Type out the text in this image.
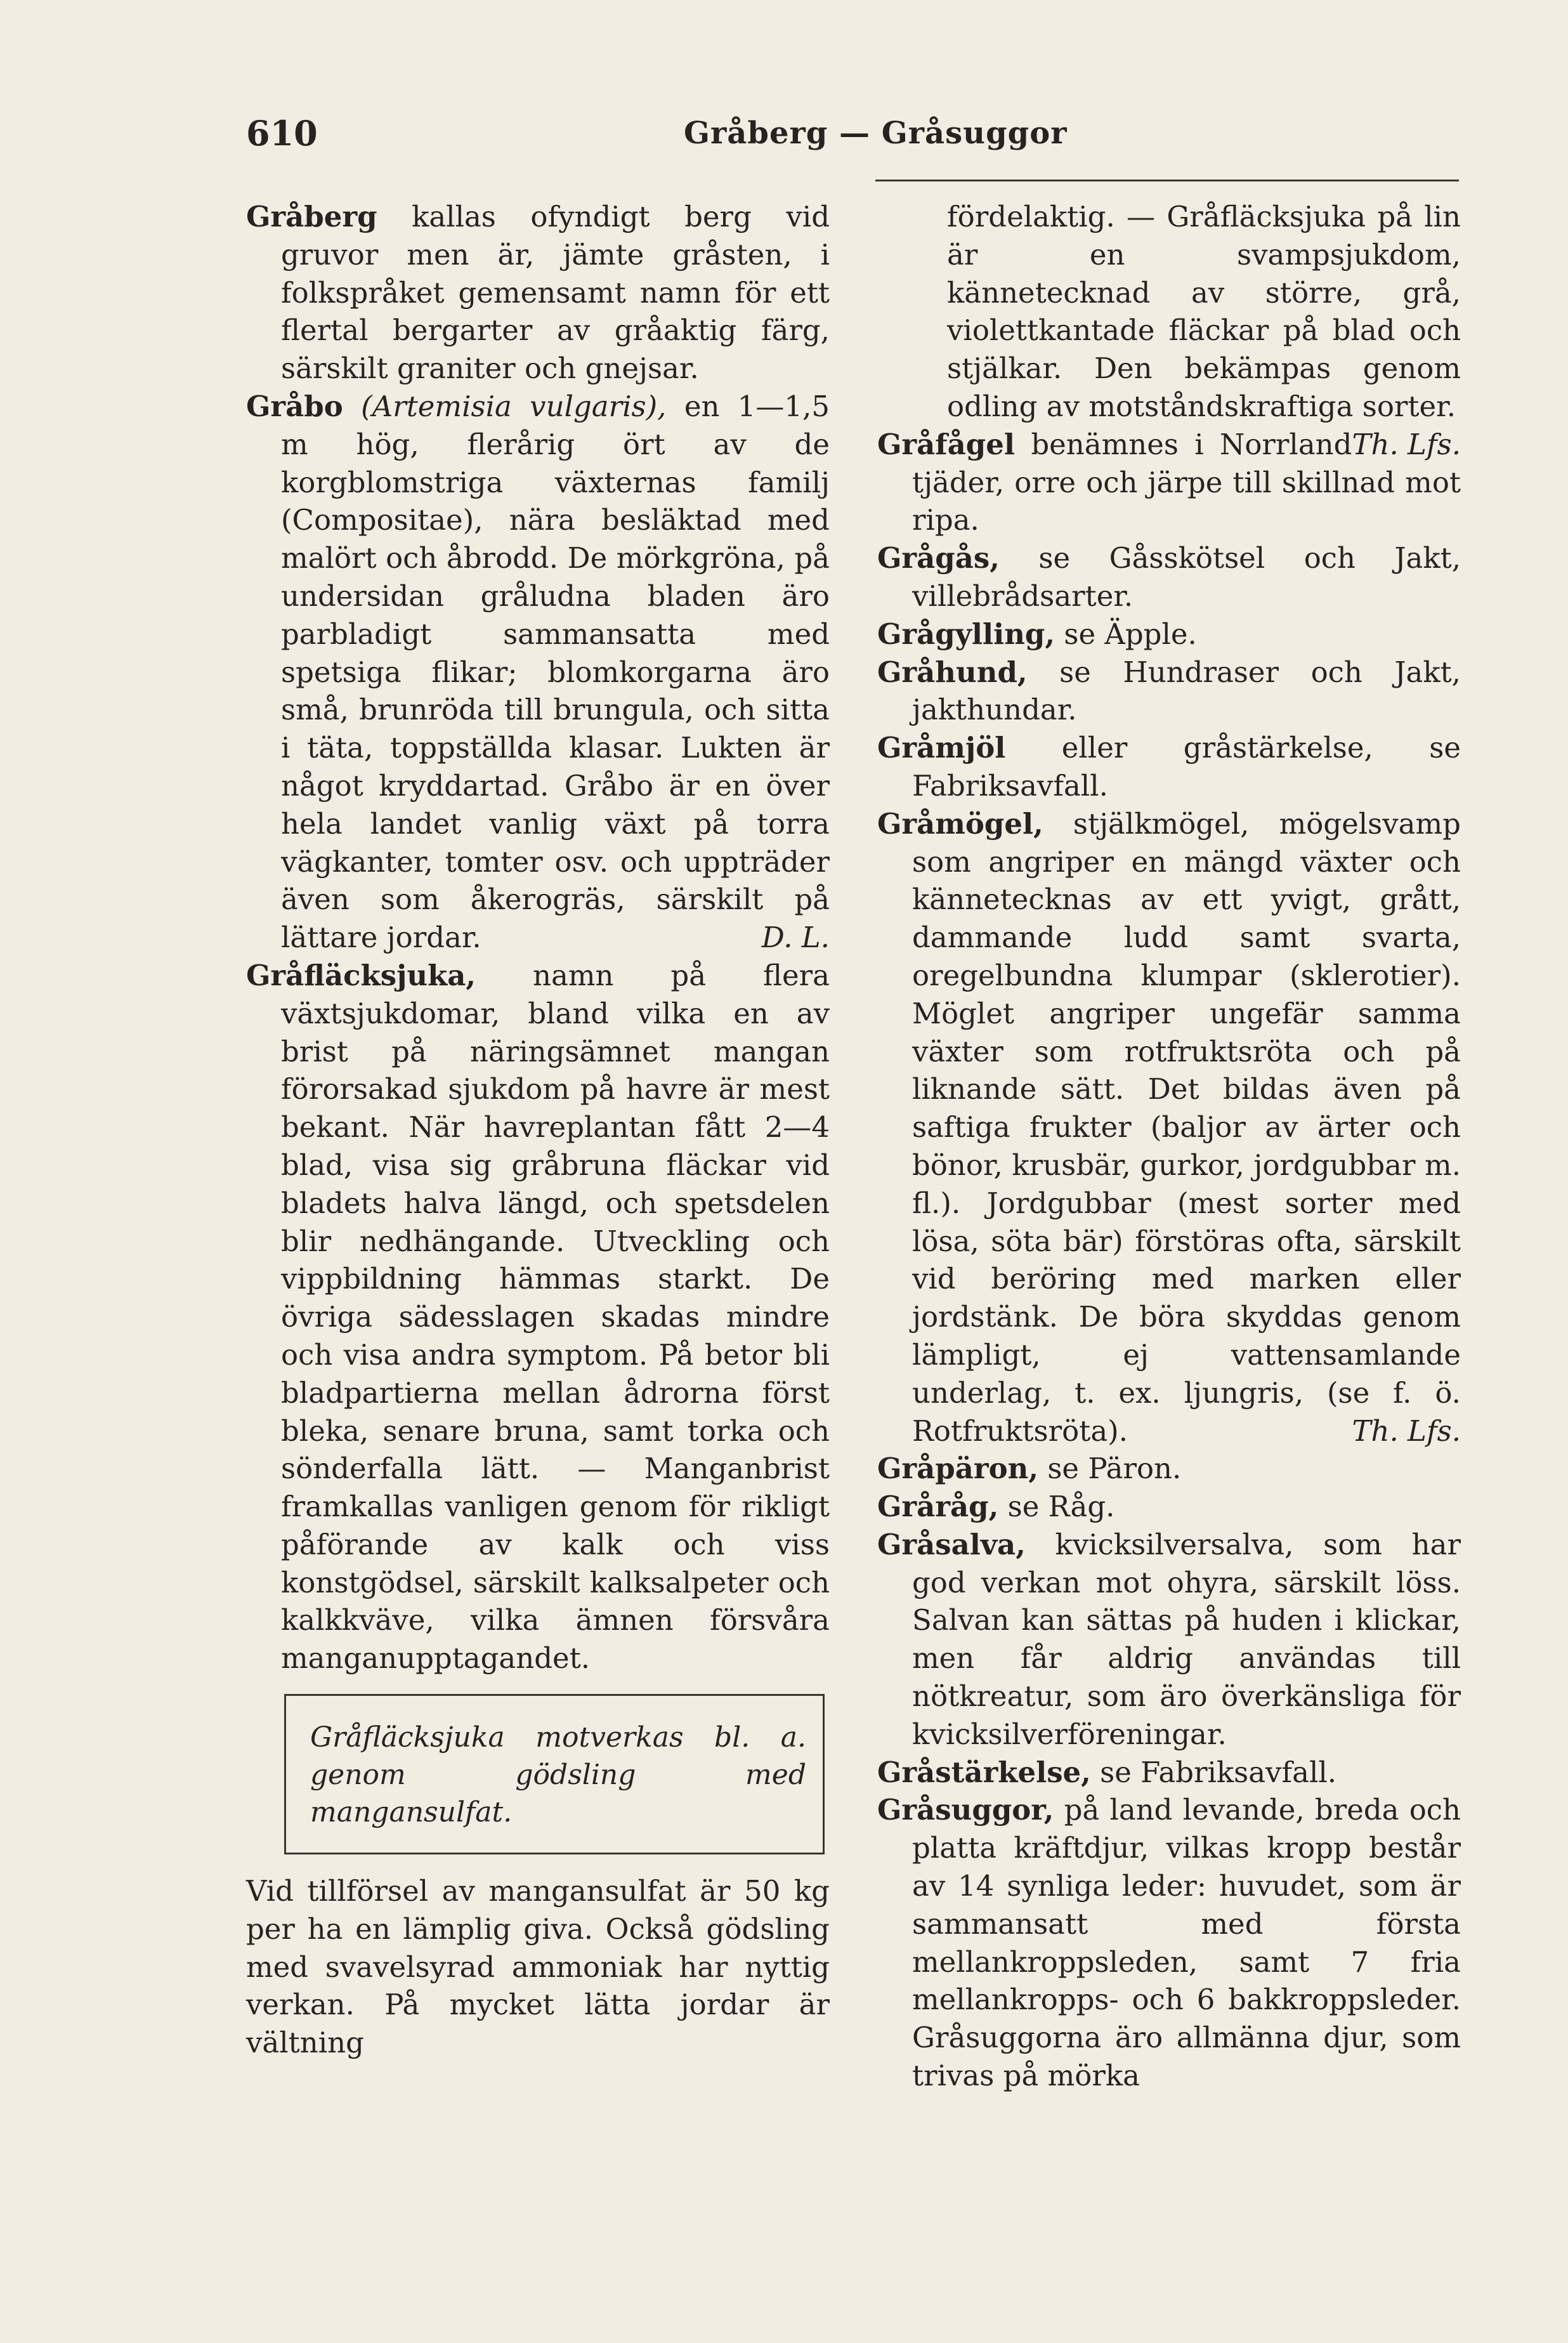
610	Gråberg — Gråsuggor

Gråberg kallas ofyndigt berg vid gruvor men är, jämte gråsten, i folkspråket gemensamt namn för ett flertal bergarter av gråaktig färg, särskilt graniter och gnejsar.

Gråbo (Artemisia vulgaris), en 1—1,5 m hög, flerårig ört av de korgblomstriga växternas familj (Compositae), nära besläktad med malört och åbrodd. De mörkgröna, på undersidan gråludna bladen äro parbladigt sammansatta med spetsiga flikar; blomkorgarna äro små, brunröda till brungula, och sitta i täta, toppställda klasar. Lukten är något kryddartad. Gråbo är en över hela landet vanlig växt på torra vägkanter, tomter osv. och uppträder även som åkerogräs, särskilt på lättare jordar.	D. L.

Gråfläcksjuka, namn på flera växtsjukdomar, bland vilka en av brist på näringsämnet mangan förorsakad sjukdom på havre är mest bekant. När havreplantan fått 2—4 blad, visa sig gråbruna fläckar vid bladets halva längd, och spetsdelen blir nedhängande. Utveckling och vippbildning hämmas starkt. De övriga sädesslagen skadas mindre och visa andra symptom. På betor bli bladpartierna mellan ådrorna först bleka, senare bruna, samt torka och sönderfalla lätt. — Manganbrist framkallas vanligen genom för rikligt påförande av kalk och viss konstgödsel, särskilt kalksalpeter och kalkkväve, vilka ämnen försvåra manganupptagandet.

Gråfläcksjuka motverkas bl. a. genom gödsling med mangansulfat.

Vid tillförsel av mangansulfat är 50 kg per ha en lämplig giva. Också gödsling med svavelsyrad ammoniak har nyttig verkan. På mycket lätta jordar är vältning

fördelaktig. — Gråfläcksjuka på lin är en svampsjukdom, kännetecknad av större, grå, violettkantade fläckar på blad och stjälkar. Den bekämpas genom odling av motståndskraftiga sorter.
Th. Lfs.

Gråfågel benämnes i Norrland tjäder, orre och järpe till skillnad mot ripa.

Grågås, se Gåsskötsel och Jakt, villebrådsarter.

Grågylling, se Äpple.

Gråhund, se Hundraser och Jakt, jakthundar.

Gråmjöl eller gråstärkelse, se Fabriksavfall.

Gråmögel, stjälkmögel, mögelsvamp som angriper en mängd växter och kännetecknas av ett yvigt, grått, dammande ludd samt svarta, oregelbundna klumpar (sklerotier). Möglet angriper ungefär samma växter som rotfruktsröta och på liknande sätt. Det bildas även på saftiga frukter (baljor av ärter och bönor, krusbär, gurkor, jordgubbar m. fl.). Jordgubbar (mest sorter med lösa, söta bär) förstöras ofta, särskilt vid beröring med marken eller jordstänk. De böra skyddas genom lämpligt, ej vattensamlande underlag, t. ex. ljungris, (se f. ö. Rotfruktsröta).	Th. Lfs.

Gråpäron, se Päron.

Gråråg, se Råg.

Gråsalva, kvicksilversalva, som har god verkan mot ohyra, särskilt löss. Salvan kan sättas på huden i klickar, men får aldrig användas till nötkreatur, som äro överkänsliga för kvicksilverföreningar.

Gråstärkelse, se Fabriksavfall.

Gråsuggor, på land levande, breda och platta kräftdjur, vilkas kropp består av 14 synliga leder: huvudet, som är sammansatt med första mellankroppsleden, samt 7 fria mellankropps- och 6 bakkroppsleder. Gråsuggorna äro allmänna djur, som trivas på mörka
